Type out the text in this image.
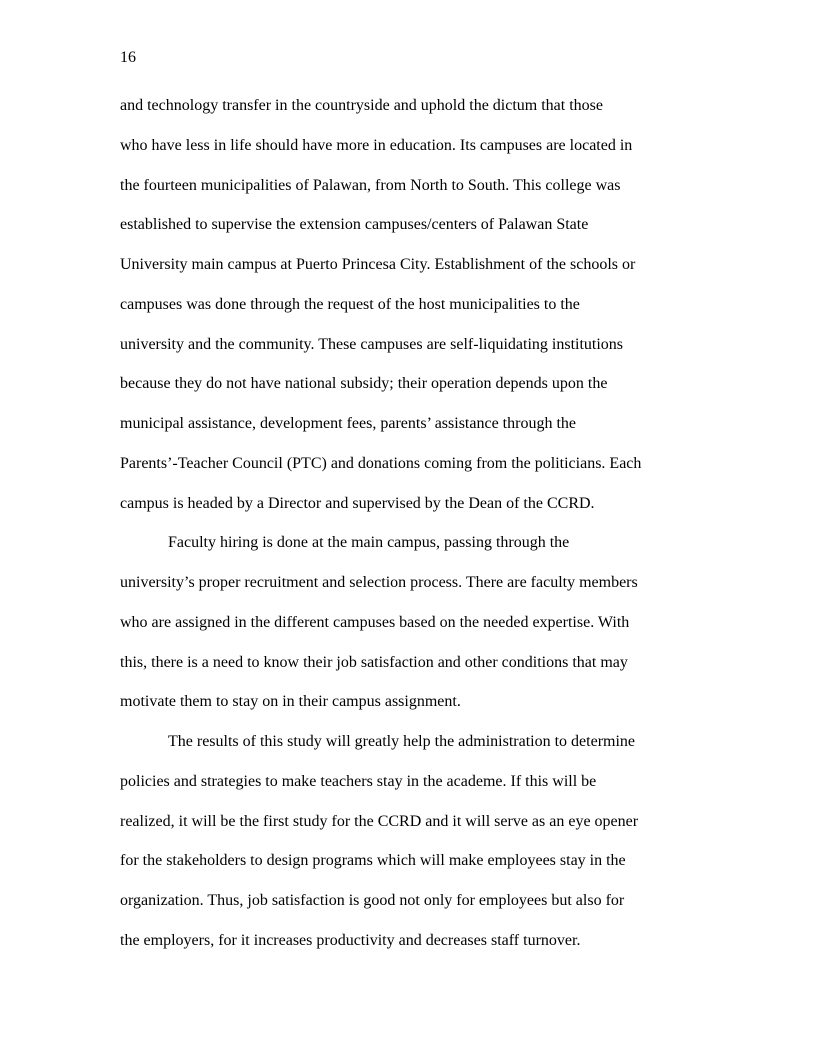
16
and technology transfer in the countryside and uphold the dictum that those
who have less in life should have more in education. Its campuses are located in
the fourteen municipalities of Palawan, from North to South. This college was
established to supervise the extension campuses/centers of Palawan State
University main campus at Puerto Princesa City. Establishment of the schools or
campuses was done through the request of the host municipalities to the
university and the community. These campuses are self-liquidating institutions
because they do not have national subsidy; their operation depends upon the
municipal assistance, development fees, parents’ assistance through the
Parents’-Teacher Council (PTC) and donations coming from the politicians. Each
campus is headed by a Director and supervised by the Dean of the CCRD.
Faculty hiring is done at the main campus, passing through the
university’s proper recruitment and selection process. There are faculty members
who are assigned in the different campuses based on the needed expertise. With
this, there is a need to know their job satisfaction and other conditions that may
motivate them to stay on in their campus assignment.
The results of this study will greatly help the administration to determine
policies and strategies to make teachers stay in the academe. If this will be
realized, it will be the first study for the CCRD and it will serve as an eye opener
for the stakeholders to design programs which will make employees stay in the
organization. Thus, job satisfaction is good not only for employees but also for
the employers, for it increases productivity and decreases staff turnover.
